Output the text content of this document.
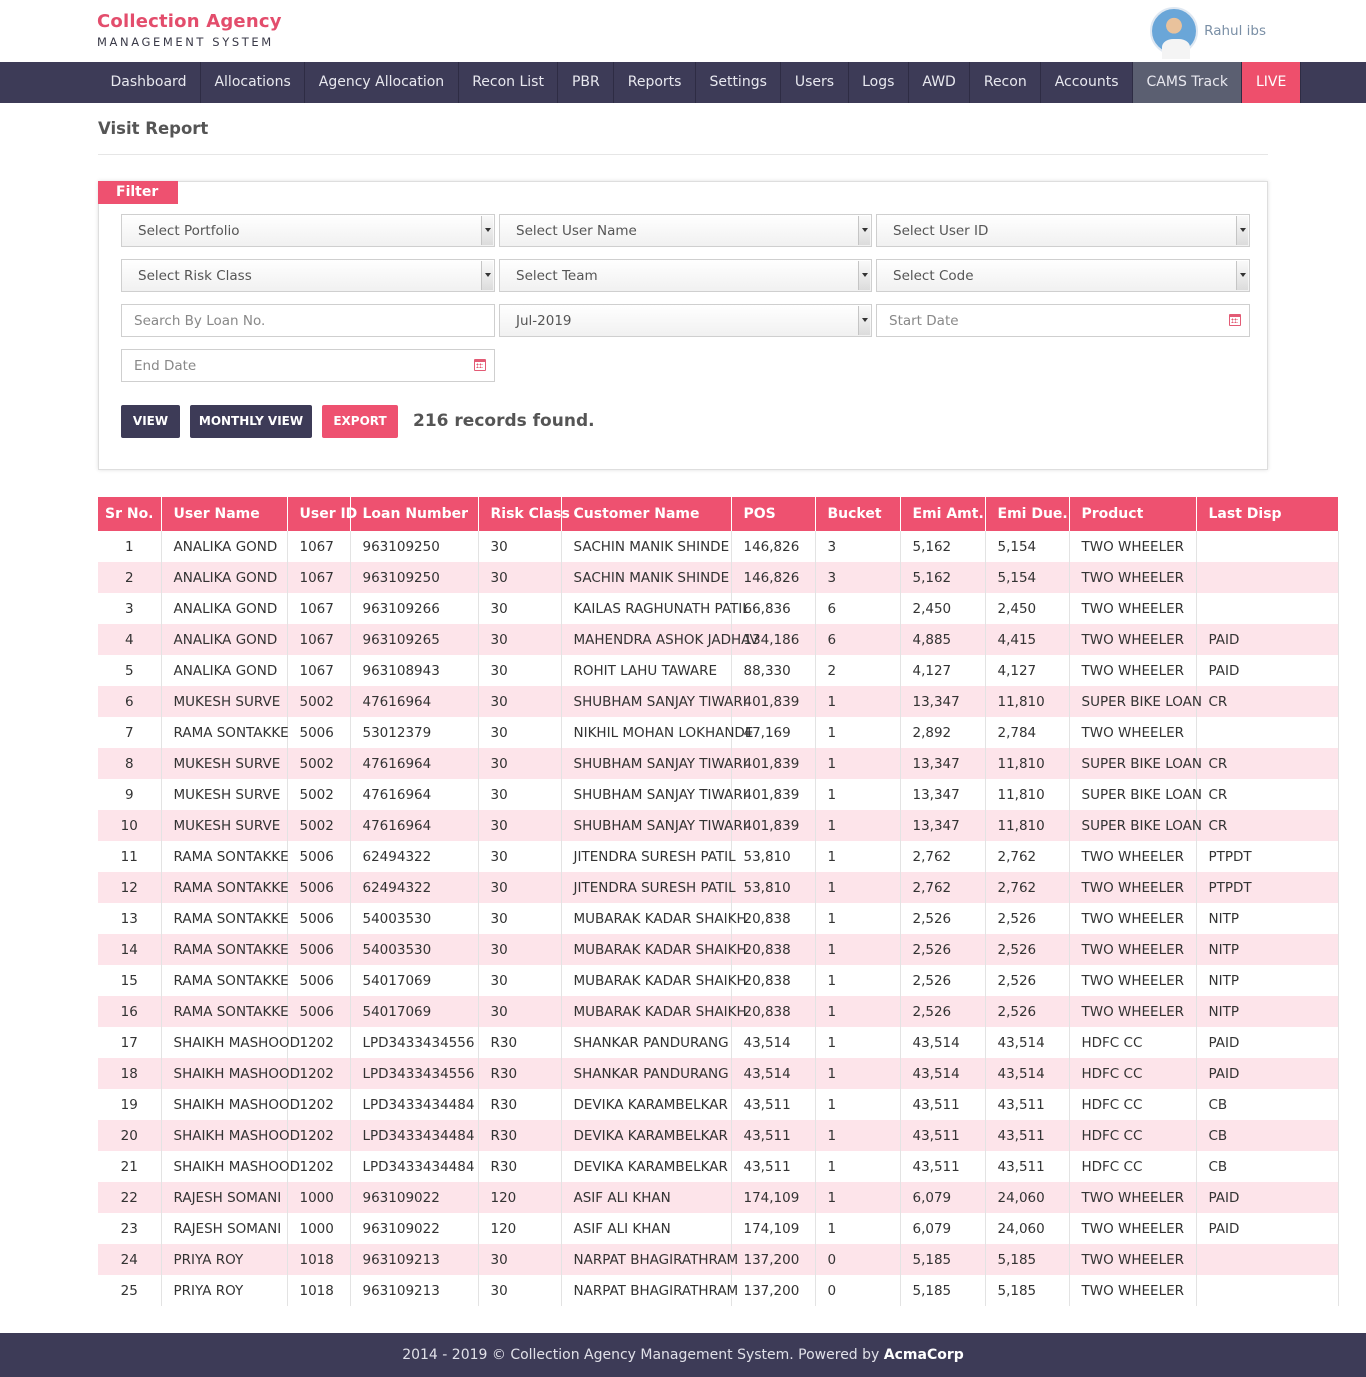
Collection Agency
MANAGEMENT SYSTEM
Rahul ibs
Dashboard	Allocations	Agency Allocation	Recon List	PBR	Reports	Settings	Users	Logs	AWD	Recon	Accounts	CAMS Track	LIVE
Visit Report
Filter
Select Portfolio	Select User Name	Select User ID
Select Risk Class	Select Team	Select Code
Search By Loan No.	Jul-2019	Start Date
End Date
VIEW	MONTHLY VIEW	EXPORT	216 records found.
Sr No.	User Name	User ID	Loan Number	Risk Class	Customer Name	POS	Bucket	Emi Amt.	Emi Due.	Product	Last Disp
1	ANALIKA GOND	1067	963109250	30	SACHIN MANIK SHINDE	146,826	3	5,162	5,154	TWO WHEELER	
2	ANALIKA GOND	1067	963109250	30	SACHIN MANIK SHINDE	146,826	3	5,162	5,154	TWO WHEELER	
3	ANALIKA GOND	1067	963109266	30	KAILAS RAGHUNATH PATIL	66,836	6	2,450	2,450	TWO WHEELER	
4	ANALIKA GOND	1067	963109265	30	MAHENDRA ASHOK JADHAV	134,186	6	4,885	4,415	TWO WHEELER	PAID
5	ANALIKA GOND	1067	963108943	30	ROHIT LAHU TAWARE	88,330	2	4,127	4,127	TWO WHEELER	PAID
6	MUKESH SURVE	5002	47616964	30	SHUBHAM SANJAY TIWARI	401,839	1	13,347	11,810	SUPER BIKE LOAN	CR
7	RAMA SONTAKKE	5006	53012379	30	NIKHIL MOHAN LOKHANDE	47,169	1	2,892	2,784	TWO WHEELER	
8	MUKESH SURVE	5002	47616964	30	SHUBHAM SANJAY TIWARI	401,839	1	13,347	11,810	SUPER BIKE LOAN	CR
9	MUKESH SURVE	5002	47616964	30	SHUBHAM SANJAY TIWARI	401,839	1	13,347	11,810	SUPER BIKE LOAN	CR
10	MUKESH SURVE	5002	47616964	30	SHUBHAM SANJAY TIWARI	401,839	1	13,347	11,810	SUPER BIKE LOAN	CR
11	RAMA SONTAKKE	5006	62494322	30	JITENDRA SURESH PATIL	53,810	1	2,762	2,762	TWO WHEELER	PTPDT
12	RAMA SONTAKKE	5006	62494322	30	JITENDRA SURESH PATIL	53,810	1	2,762	2,762	TWO WHEELER	PTPDT
13	RAMA SONTAKKE	5006	54003530	30	MUBARAK KADAR SHAIKH	20,838	1	2,526	2,526	TWO WHEELER	NITP
14	RAMA SONTAKKE	5006	54003530	30	MUBARAK KADAR SHAIKH	20,838	1	2,526	2,526	TWO WHEELER	NITP
15	RAMA SONTAKKE	5006	54017069	30	MUBARAK KADAR SHAIKH	20,838	1	2,526	2,526	TWO WHEELER	NITP
16	RAMA SONTAKKE	5006	54017069	30	MUBARAK KADAR SHAIKH	20,838	1	2,526	2,526	TWO WHEELER	NITP
17	SHAIKH MASHOOD	1202	LPD3433434556	R30	SHANKAR PANDURANG	43,514	1	43,514	43,514	HDFC CC	PAID
18	SHAIKH MASHOOD	1202	LPD3433434556	R30	SHANKAR PANDURANG	43,514	1	43,514	43,514	HDFC CC	PAID
19	SHAIKH MASHOOD	1202	LPD3433434484	R30	DEVIKA KARAMBELKAR	43,511	1	43,511	43,511	HDFC CC	CB
20	SHAIKH MASHOOD	1202	LPD3433434484	R30	DEVIKA KARAMBELKAR	43,511	1	43,511	43,511	HDFC CC	CB
21	SHAIKH MASHOOD	1202	LPD3433434484	R30	DEVIKA KARAMBELKAR	43,511	1	43,511	43,511	HDFC CC	CB
22	RAJESH SOMANI	1000	963109022	120	ASIF ALI KHAN	174,109	1	6,079	24,060	TWO WHEELER	PAID
23	RAJESH SOMANI	1000	963109022	120	ASIF ALI KHAN	174,109	1	6,079	24,060	TWO WHEELER	PAID
24	PRIYA ROY	1018	963109213	30	NARPAT BHAGIRATHRAM	137,200	0	5,185	5,185	TWO WHEELER	
25	PRIYA ROY	1018	963109213	30	NARPAT BHAGIRATHRAM	137,200	0	5,185	5,185	TWO WHEELER	
2014 - 2019 © Collection Agency Management System. Powered by AcmaCorp
